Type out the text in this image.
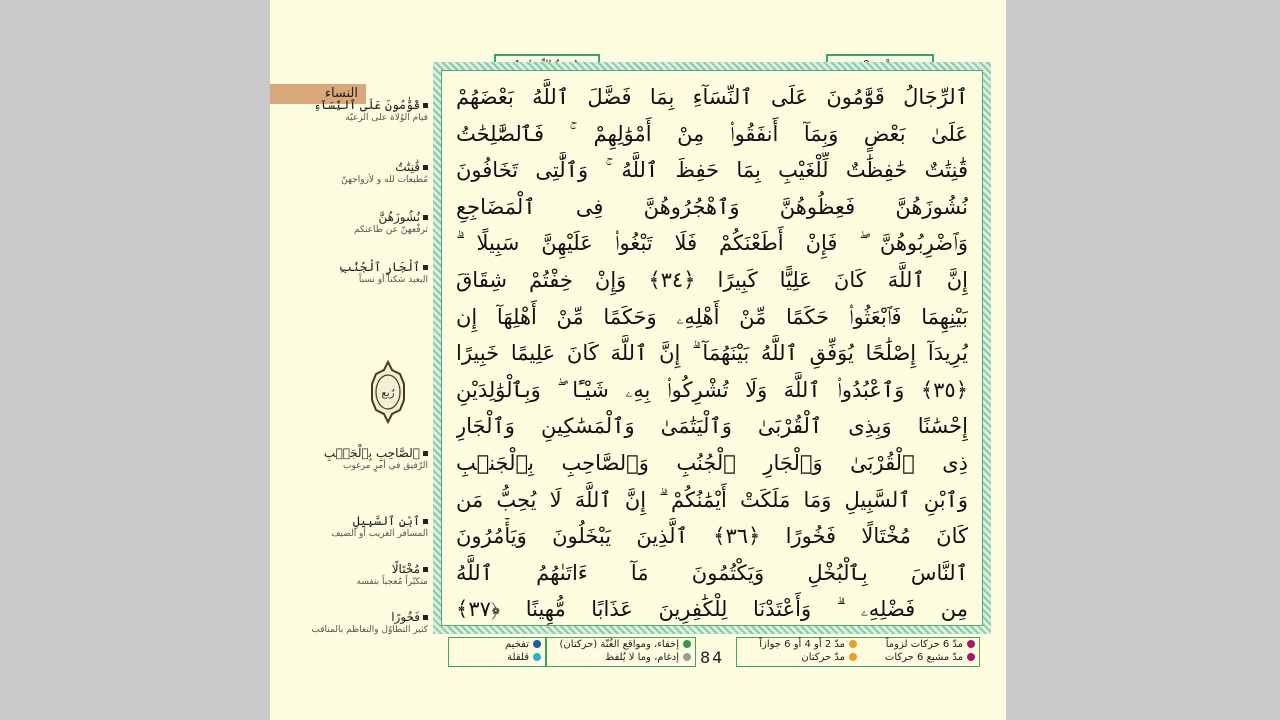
النساء
قَوَّٰمُونَ عَلَى ٱلنِّسَآءِ
قيام الوُلاة على الرعيّة
قَٰنِتَٰتٌ
مُطيعات لله و لأزواجهنّ
نُشُوزَهُنَّ
ترفّعهنّ عن طاعتكم
ٱلْجَارِ ٱلْجُنُبِ
البعيد سَكناً أو نسباً
ٱلصَّاحِبِ بِٱلْجَنۢبِ
الرّفيق في أمرٍ مرغوب
ٱبْنِ ٱلسَّبِيلِ
المسافر الغريب أو الضيف
مُخْتَالًا
متكبّراً مُعجباً بنفسه
فَخُورًا
كثير التطاوُل والتعاظم بالمناقب
رُبع
ٱلرِّجَالُ قَوَّٰمُونَ عَلَى ٱلنِّسَآءِ بِمَا فَضَّلَ ٱللَّهُ بَعْضَهُمْ
عَلَىٰ بَعْضٍ وَبِمَآ أَنفَقُوا۟ مِنْ أَمْوَٰلِهِمْ ۚ فَٱلصَّٰلِحَٰتُ
قَٰنِتَٰتٌ حَٰفِظَٰتٌ لِّلْغَيْبِ بِمَا حَفِظَ ٱللَّهُ ۚ وَٱلَّٰتِى تَخَافُونَ
نُشُوزَهُنَّ فَعِظُوهُنَّ وَٱهْجُرُوهُنَّ فِى ٱلْمَضَاجِعِ
وَٱضْرِبُوهُنَّ ۖ فَإِنْ أَطَعْنَكُمْ فَلَا تَبْغُوا۟ عَلَيْهِنَّ سَبِيلًا ۗ
إِنَّ ٱللَّهَ كَانَ عَلِيًّا كَبِيرًا ﴿٣٤﴾ وَإِنْ خِفْتُمْ شِقَاقَ
بَيْنِهِمَا فَٱبْعَثُوا۟ حَكَمًا مِّنْ أَهْلِهِۦ وَحَكَمًا مِّنْ أَهْلِهَآ إِن
يُرِيدَآ إِصْلَٰحًا يُوَفِّقِ ٱللَّهُ بَيْنَهُمَآ ۗ إِنَّ ٱللَّهَ كَانَ عَلِيمًا خَبِيرًا
﴿٣٥﴾ وَٱعْبُدُوا۟ ٱللَّهَ وَلَا تُشْرِكُوا۟ بِهِۦ شَيْـًٔا ۖ وَبِٱلْوَٰلِدَيْنِ
إِحْسَٰنًا وَبِذِى ٱلْقُرْبَىٰ وَٱلْيَتَٰمَىٰ وَٱلْمَسَٰكِينِ وَٱلْجَارِ
ذِى ٱلْقُرْبَىٰ وَٱلْجَارِ ٱلْجُنُبِ وَٱلصَّاحِبِ بِٱلْجَنۢبِ
وَٱبْنِ ٱلسَّبِيلِ وَمَا مَلَكَتْ أَيْمَٰنُكُمْ ۗ إِنَّ ٱللَّهَ لَا يُحِبُّ مَن
كَانَ مُخْتَالًا فَخُورًا ﴿٣٦﴾ ٱلَّذِينَ يَبْخَلُونَ وَيَأْمُرُونَ
ٱلنَّاسَ بِٱلْبُخْلِ وَيَكْتُمُونَ مَآ ءَاتَىٰهُمُ ٱللَّهُ
مِن فَضْلِهِۦ ۗ وَأَعْتَدْنَا لِلْكَٰفِرِينَ عَذَابًا مُّهِينًا ﴿٣٧﴾
تفخيم
قلقلة
إخفاء، ومواقع الغُنّة (حركتان)
إدغام، وما لا يُلفظ	84
مدّ 6 حركات لزوماً
مدّ مشبع 6 حركات
مدّ 2 أو 4 أو 6 جوازاً
مدّ حركتان
